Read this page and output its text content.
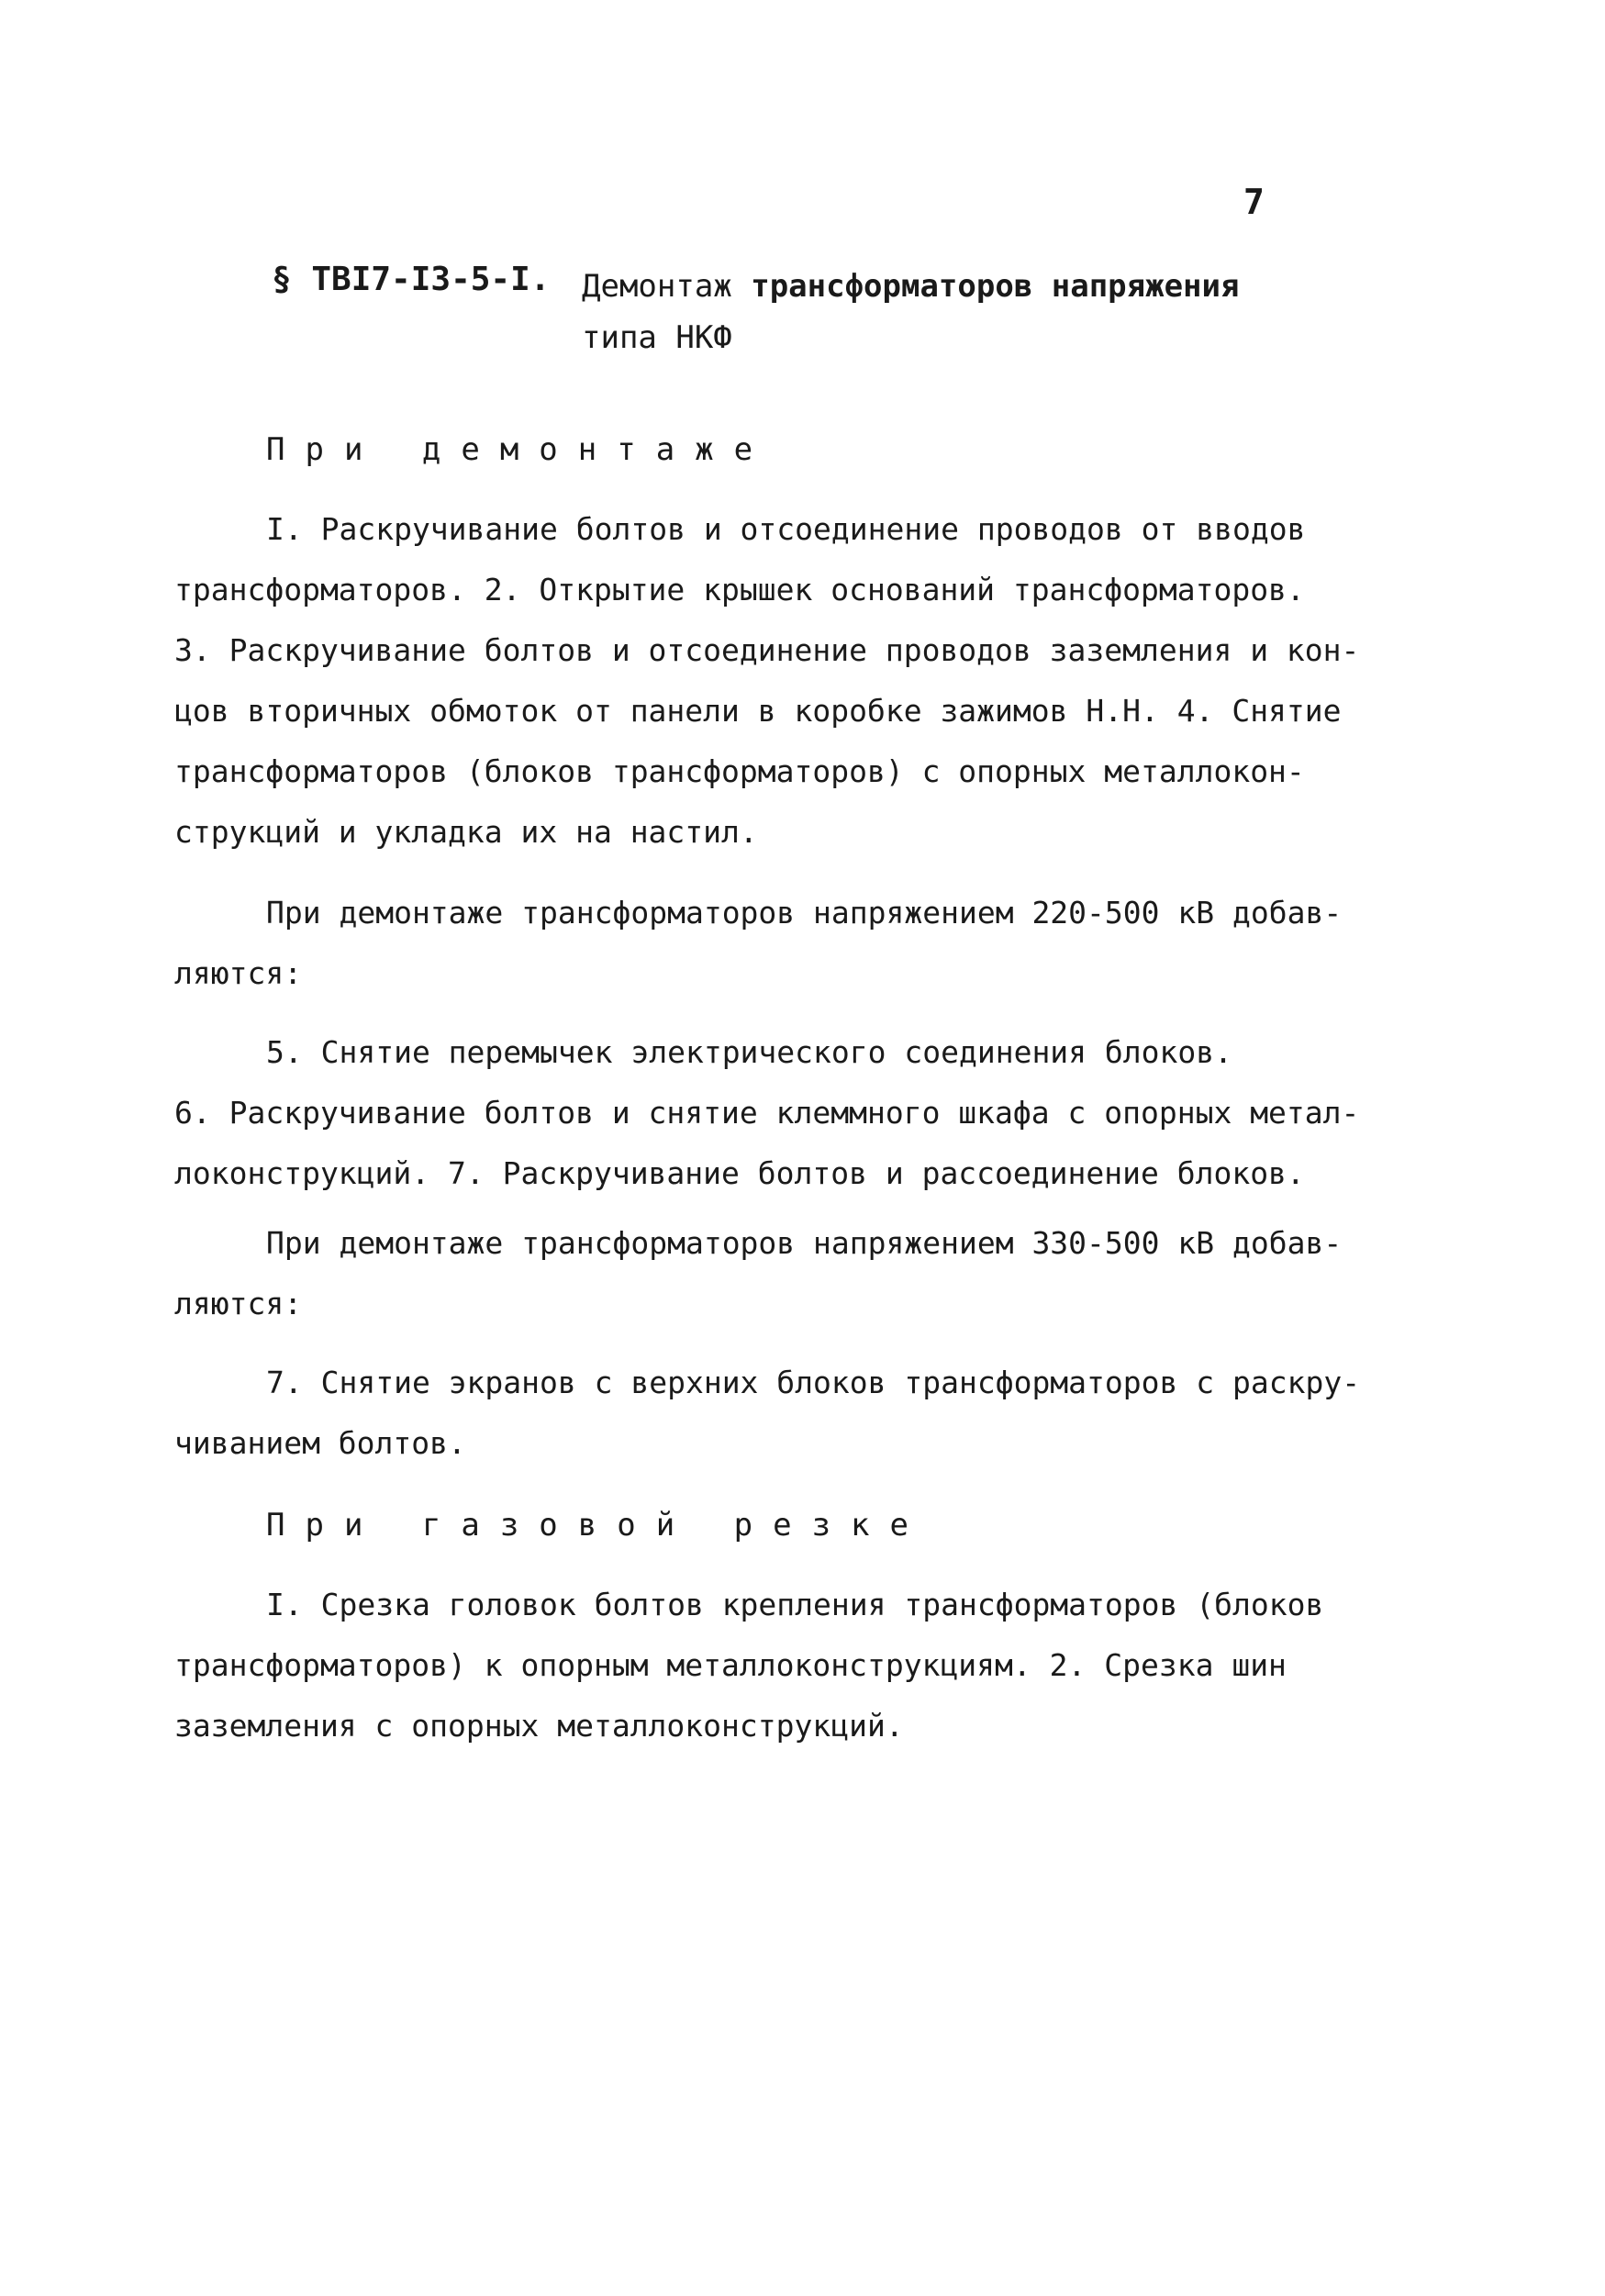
7
§ ТВI7-I3-5-I. Демонтаж трансформаторов напряжения
типа НКФ
При демонтаже
I. Раскручивание болтов и отсоединение проводов от вводов
трансформаторов. 2. Открытие крышек оснований трансформаторов.
3. Раскручивание болтов и отсоединение проводов заземления и кон-
цов вторичных обмоток от панели в коробке зажимов Н.Н. 4. Снятие
трансформаторов (блоков трансформаторов) с опорных металлокон-
струкций и укладка их на настил.
При демонтаже трансформаторов напряжением 220-500 кВ добав-
ляются:
5. Снятие перемычек электрического соединения блоков.
6. Раскручивание болтов и снятие клеммного шкафа с опорных метал-
локонструкций. 7. Раскручивание болтов и рассоединение блоков.
При демонтаже трансформаторов напряжением 330-500 кВ добав-
ляются:
7. Снятие экранов с верхних блоков трансформаторов с раскру-
чиванием болтов.
При газовой резке
I. Срезка головок болтов крепления трансформаторов (блоков
трансформаторов) к опорным металлоконструкциям. 2. Срезка шин
заземления с опорных металлоконструкций.
